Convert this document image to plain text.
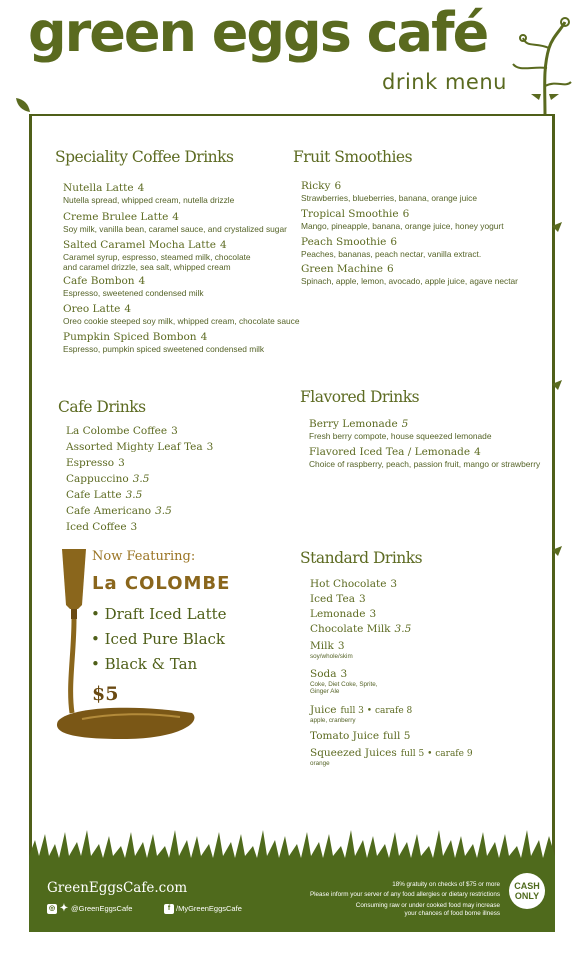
green eggs café
drink menu
Speciality Coffee Drinks
Nutella Latte 4
Nutella spread, whipped cream, nutella drizzle
Creme Brulee Latte 4
Soy milk, vanilla bean, caramel sauce, and crystalized sugar
Salted Caramel Mocha Latte 4
Caramel syrup, espresso, steamed milk, chocolate
and caramel drizzle, sea salt, whipped cream
Cafe Bombon 4
Espresso, sweetened condensed milk
Oreo Latte 4
Oreo cookie steeped soy milk, whipped cream, chocolate sauce
Pumpkin Spiced Bombon 4
Espresso, pumpkin spiced sweetened condensed milk
Fruit Smoothies
Ricky 6
Strawberries, blueberries, banana, orange juice
Tropical Smoothie 6
Mango, pineapple, banana, orange juice, honey yogurt
Peach Smoothie 6
Peaches, bananas, peach nectar, vanilla extract.
Green Machine 6
Spinach, apple, lemon, avocado, apple juice, agave nectar
Cafe Drinks
La Colombe Coffee 3
Assorted Mighty Leaf Tea 3
Espresso 3
Cappuccino 3.5
Cafe Latte 3.5
Cafe Americano 3.5
Iced Coffee 3
Flavored Drinks
Berry Lemonade 5
Fresh berry compote, house squeezed lemonade
Flavored Iced Tea / Lemonade 4
Choice of raspberry, peach, passion fruit, mango or strawberry
Standard Drinks
Hot Chocolate 3
Iced Tea 3
Lemonade 3
Chocolate Milk 3.5
Milk 3
soy/whole/skim
Soda 3
Coke, Diet Coke, Sprite,
Ginger Ale
Juice full 3 • carafe 8
apple, cranberry
Tomato Juice full 5
Squeezed Juices full 5 • carafe 9
orange
Now Featuring:
La COLOMBE
• Draft Iced Latte
• Iced Pure Black
• Black & Tan
$5
GreenEggsCafe.com
◎ ✦ @GreenEggsCafe	f /MyGreenEggsCafe
18% gratuity on checks of $75 or more
Please inform your server of any food allergies or dietary restrictions
Consuming raw or under cooked food may increase
your chances of food borne illness
CASH
ONLY
